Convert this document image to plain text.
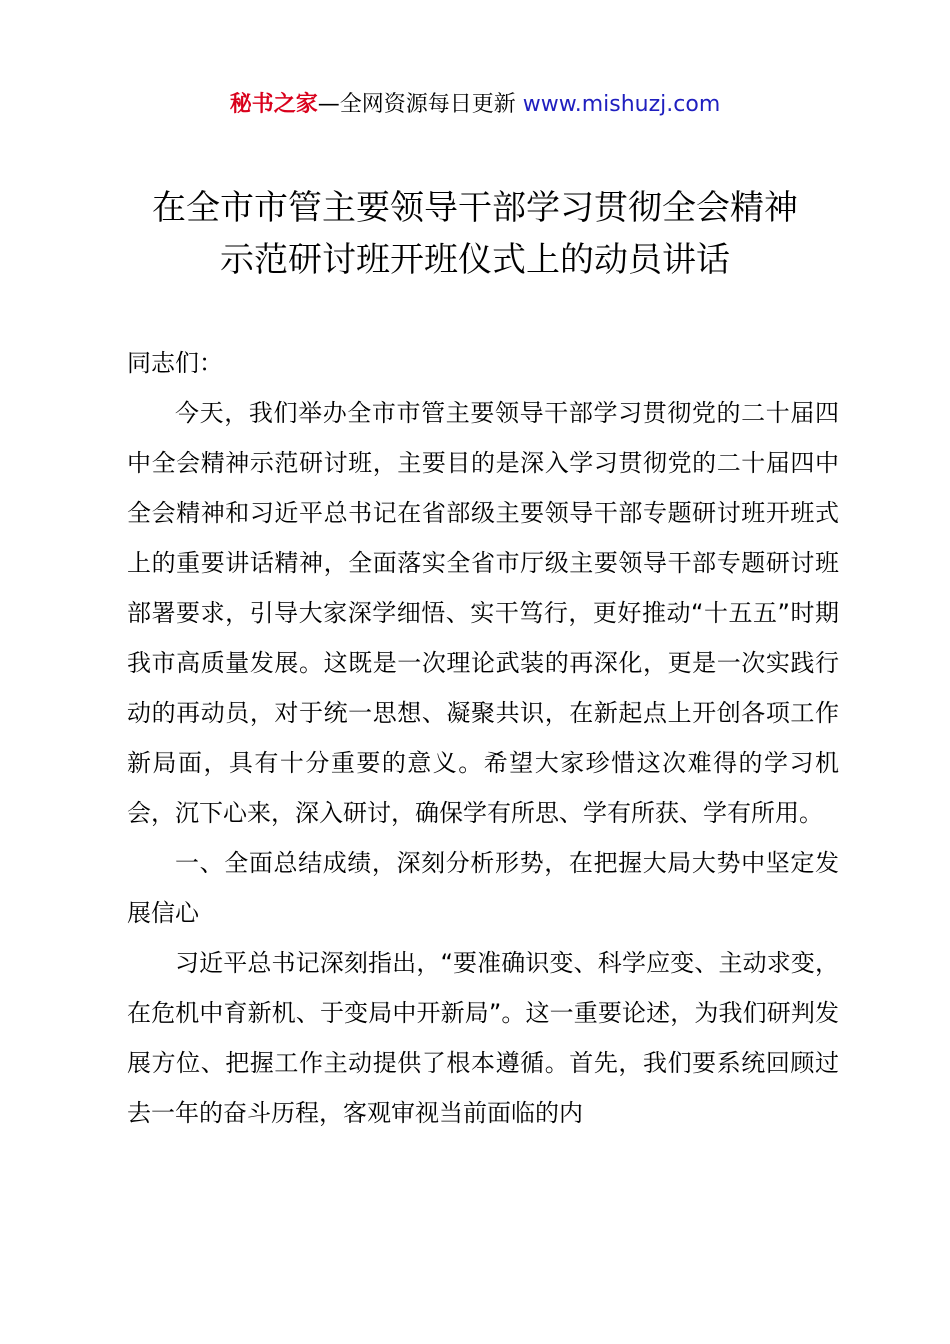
秘书之家—全网资源每日更新 www.mishuzj.com
在全市市管主要领导干部学习贯彻全会精神
示范研讨班开班仪式上的动员讲话

同志们：

今天，我们举办全市市管主要领导干部学习贯彻党的二十届四中全会精神示范研讨班，主要目的是深入学习贯彻党的二十届四中全会精神和习近平总书记在省部级主要领导干部专题研讨班开班式上的重要讲话精神，全面落实全省市厅级主要领导干部专题研讨班部署要求，引导大家深学细悟、实干笃行，更好推动“十五五”时期我市高质量发展。这既是一次理论武装的再深化，更是一次实践行动的再动员，对于统一思想、凝聚共识，在新起点上开创各项工作新局面，具有十分重要的意义。希望大家珍惜这次难得的学习机会，沉下心来，深入研讨，确保学有所思、学有所获、学有所用。

一、全面总结成绩，深刻分析形势，在把握大局大势中坚定发展信心

习近平总书记深刻指出，“要准确识变、科学应变、主动求变，在危机中育新机、于变局中开新局”。这一重要论述，为我们研判发展方位、把握工作主动提供了根本遵循。首先，我们要系统回顾过去一年的奋斗历程，客观审视当前面临的内
